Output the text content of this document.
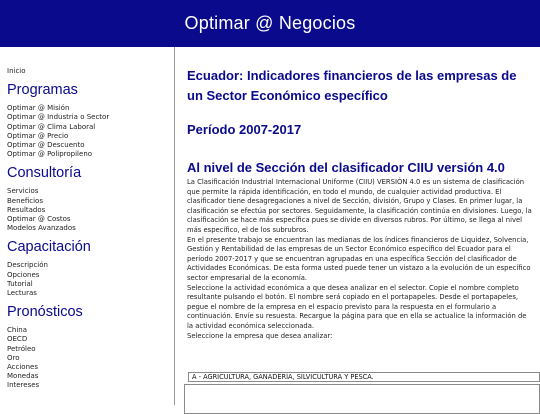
Optimar @ Negocios
Inicio
Programas
Optimar @ Misión
Optimar @ Industria o Sector
Optimar @ Clima Laboral
Optimar @ Precio
Optimar @ Descuento
Optimar @ Polipropileno
Consultoría
Servicios
Beneficios
Resultados
Optimar @ Costos
Modelos Avanzados
Capacitación
Descripción
Opciones
Tutorial
Lecturas
Pronósticos
China
OECD
Petróleo
Oro
Acciones
Monedas
Intereses
Ecuador: Indicadores financieros de las empresas de un Sector Económico específico
Período 2007-2017
Al nivel de Sección del clasificador CIIU versión 4.0

La Clasificación Industrial Internacional Uniforme (CIIU) VERSIÓN 4.0 es un sistema de clasificación que permite la rápida identificación, en todo el mundo, de cualquier actividad productiva. El clasificador tiene desagregaciones a nivel de Sección, división, Grupo y Clases. En primer lugar, la clasificación se efectúa por sectores. Seguidamente, la clasificación continúa en divisiones. Luego, la clasificación se hace más específica pues se divide en diversos rubros. Por último, se llega al nivel más específico, el de los subrubros.

En el presente trabajo se encuentran las medianas de los índices financieros de Liquidez, Solvencia, Gestión y Rentabilidad de las empresas de un Sector Económico específico del Ecuador para el período 2007-2017 y que se encuentran agrupadas en una específica Sección del clasificador de Actividades Económicas. De esta forma usted puede tener un vistazo a la evolución de un específico sector empresarial de la economía.

Seleccione la actividad económica a que desea analizar en el selector. Copie el nombre completo resultante pulsando el botón. El nombre será copiado en el portapapeles. Desde el portapapeles, pegue el nombre de la empresa en el espacio previsto para la respuesta en el formulario a continuación. Envíe su resuesta. Recargue la página para que en ella se actualice la información de la actividad económica seleccionada.

Seleccione la empresa que desea analizar:

A - AGRICULTURA, GANADERÍA, SILVICULTURA Y PESCA.
